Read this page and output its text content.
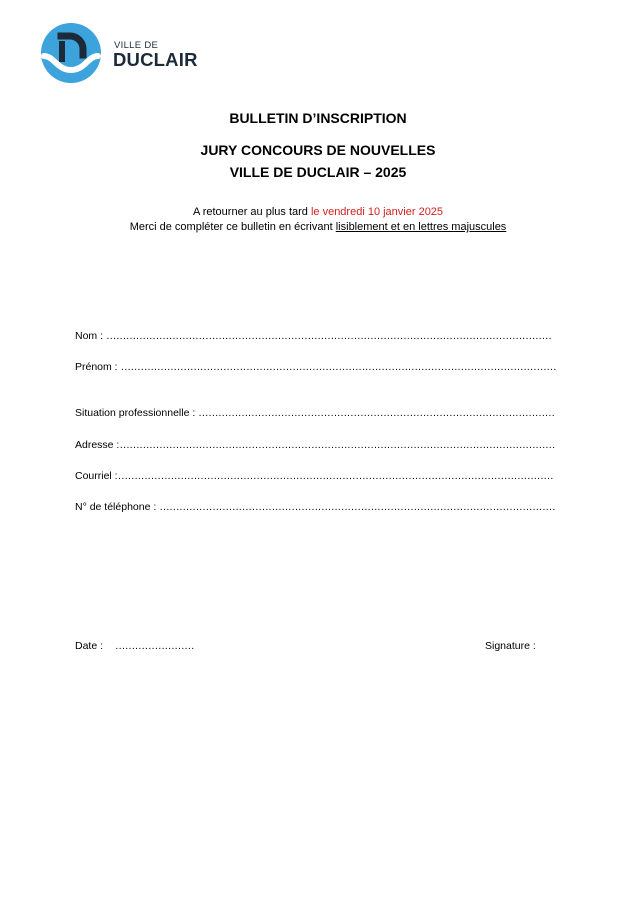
VILLE DE
DUCLAIR
BULLETIN D’INSCRIPTION
JURY CONCOURS DE NOUVELLES
VILLE DE DUCLAIR – 2025
A retourner au plus tard le vendredi 10 janvier 2025
Merci de compléter ce bulletin en écrivant lisiblement et en lettres majuscules
Nom : ………………………………………………………………………………………………………………………
Prénom : ……………………………………………………………………………………………………………………
Situation professionnelle : ………………………………………………………………………………………………
Adresse :……………………………………………………………………………………………………………………
Courriel :……………………………………………………………………………………………………………………
N° de téléphone : …………………………………………………………………………………………………………
Date : ……………………	Signature :
